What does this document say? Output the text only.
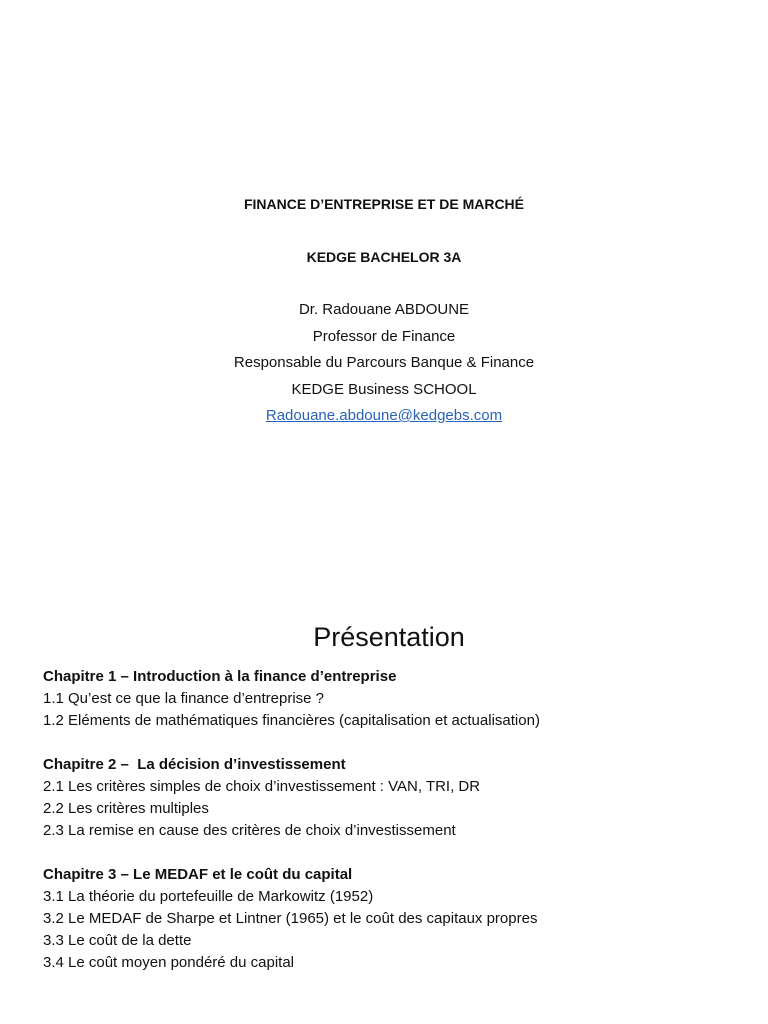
FINANCE D’ENTREPRISE ET DE MARCHÉ
KEDGE BACHELOR 3A
Dr. Radouane ABDOUNE
Professor de Finance
Responsable du Parcours Banque & Finance
KEDGE Business SCHOOL
Radouane.abdoune@kedgebs.com
Présentation
Chapitre 1 – Introduction à la finance d’entreprise
1.1 Qu’est ce que la finance d’entreprise ?
1.2 Eléments de mathématiques financières (capitalisation et actualisation)
Chapitre 2 –  La décision d’investissement
2.1 Les critères simples de choix d’investissement : VAN, TRI, DR
2.2 Les critères multiples
2.3 La remise en cause des critères de choix d’investissement
Chapitre 3 – Le MEDAF et le coût du capital
3.1 La théorie du portefeuille de Markowitz (1952)
3.2 Le MEDAF de Sharpe et Lintner (1965) et le coût des capitaux propres
3.3 Le coût de la dette
3.4 Le coût moyen pondéré du capital
